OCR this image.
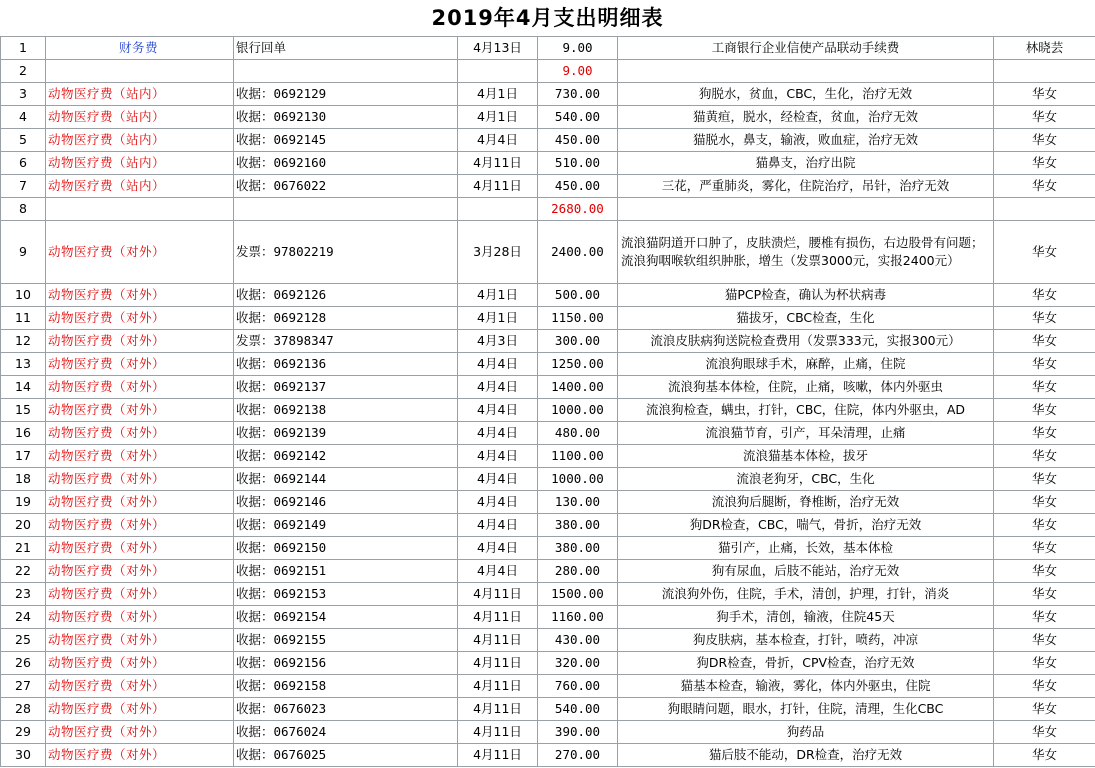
2019年4月支出明细表
1	财务费	银行回单	4月13日	9.00	工商银行企业信使产品联动手续费	林晓芸
2				9.00		
3	动物医疗费（站内）	收据：0692129	4月1日	730.00	狗脱水，贫血，CBC，生化，治疗无效	华女
4	动物医疗费（站内）	收据：0692130	4月1日	540.00	猫黄疸，脱水，经检查，贫血，治疗无效	华女
5	动物医疗费（站内）	收据：0692145	4月4日	450.00	猫脱水，鼻支，输液，败血症，治疗无效	华女
6	动物医疗费（站内）	收据：0692160	4月11日	510.00	猫鼻支，治疗出院	华女
7	动物医疗费（站内）	收据：0676022	4月11日	450.00	三花，严重肺炎，雾化，住院治疗，吊针，治疗无效	华女
8				2680.00		
9	动物医疗费（对外）	发票：97802219	3月28日	2400.00	流浪猫阴道开口肿了，皮肤溃烂，腰椎有损伤，右边股骨有问题；流浪狗咽喉软组织肿胀，增生（发票3000元，实报2400元）	华女
10	动物医疗费（对外）	收据：0692126	4月1日	500.00	猫PCP检查，确认为杯状病毒	华女
11	动物医疗费（对外）	收据：0692128	4月1日	1150.00	猫拔牙，CBC检查，生化	华女
12	动物医疗费（对外）	发票：37898347	4月3日	300.00	流浪皮肤病狗送院检查费用（发票333元，实报300元）	华女
13	动物医疗费（对外）	收据：0692136	4月4日	1250.00	流浪狗眼球手术，麻醉，止痛，住院	华女
14	动物医疗费（对外）	收据：0692137	4月4日	1400.00	流浪狗基本体检，住院，止痛，咳嗽，体内外驱虫	华女
15	动物医疗费（对外）	收据：0692138	4月4日	1000.00	流浪狗检查，螨虫，打针，CBC，住院，体内外驱虫，AD	华女
16	动物医疗费（对外）	收据：0692139	4月4日	480.00	流浪猫节育，引产，耳朵清理，止痛	华女
17	动物医疗费（对外）	收据：0692142	4月4日	1100.00	流浪猫基本体检，拔牙	华女
18	动物医疗费（对外）	收据：0692144	4月4日	1000.00	流浪老狗牙，CBC，生化	华女
19	动物医疗费（对外）	收据：0692146	4月4日	130.00	流浪狗后腿断，脊椎断，治疗无效	华女
20	动物医疗费（对外）	收据：0692149	4月4日	380.00	狗DR检查，CBC，喘气，骨折，治疗无效	华女
21	动物医疗费（对外）	收据：0692150	4月4日	380.00	猫引产，止痛，长效，基本体检	华女
22	动物医疗费（对外）	收据：0692151	4月4日	280.00	狗有尿血，后肢不能站，治疗无效	华女
23	动物医疗费（对外）	收据：0692153	4月11日	1500.00	流浪狗外伤，住院，手术，清创，护理，打针，消炎	华女
24	动物医疗费（对外）	收据：0692154	4月11日	1160.00	狗手术，清创，输液，住院45天	华女
25	动物医疗费（对外）	收据：0692155	4月11日	430.00	狗皮肤病，基本检查，打针，喷药，冲凉	华女
26	动物医疗费（对外）	收据：0692156	4月11日	320.00	狗DR检查，骨折，CPV检查，治疗无效	华女
27	动物医疗费（对外）	收据：0692158	4月11日	760.00	猫基本检查，输液，雾化，体内外驱虫，住院	华女
28	动物医疗费（对外）	收据：0676023	4月11日	540.00	狗眼睛问题，眼水，打针，住院，清理，生化CBC	华女
29	动物医疗费（对外）	收据：0676024	4月11日	390.00	狗药品	华女
30	动物医疗费（对外）	收据：0676025	4月11日	270.00	猫后肢不能动，DR检查，治疗无效	华女
